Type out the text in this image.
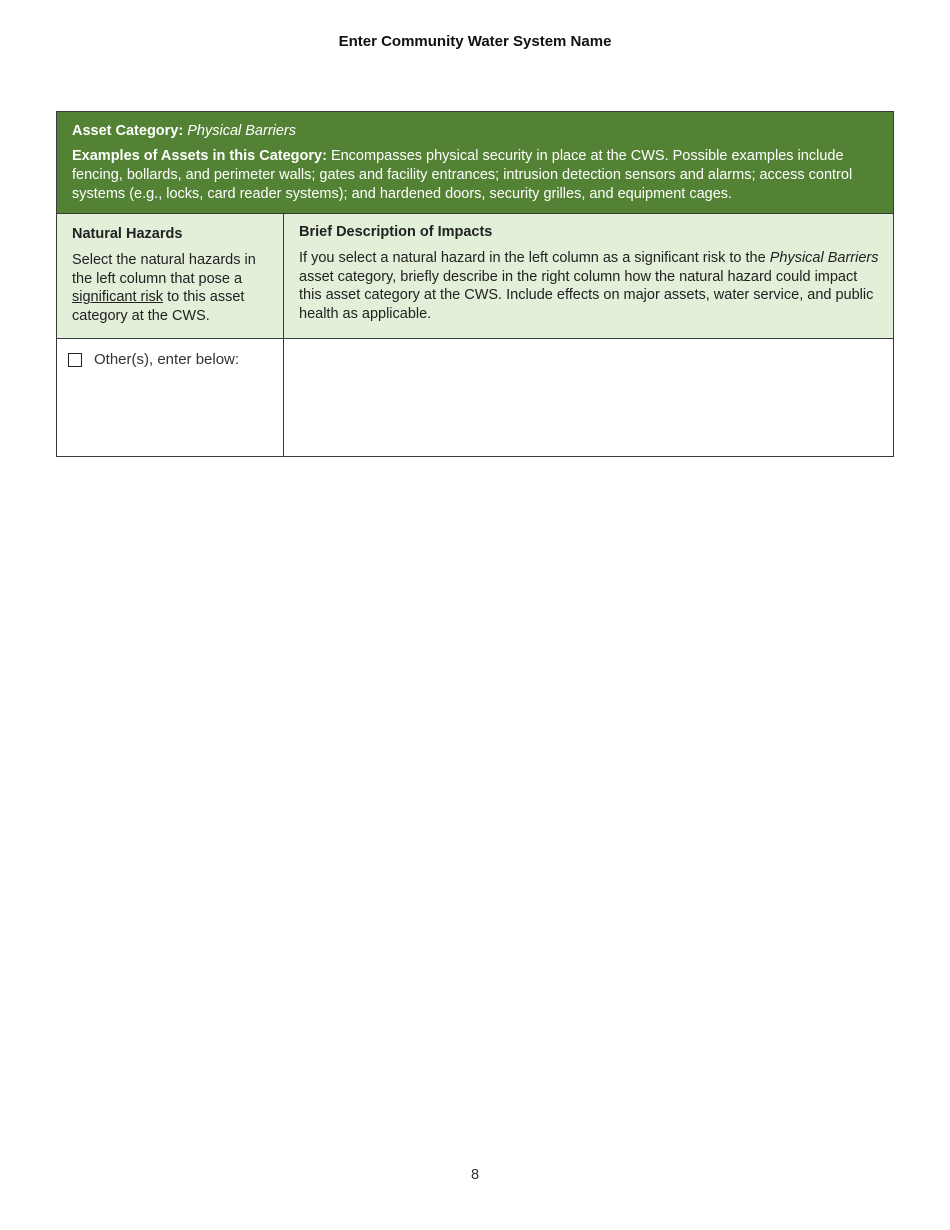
Enter Community Water System Name
Asset Category: Physical Barriers
Examples of Assets in this Category: Encompasses physical security in place at the CWS. Possible examples include fencing, bollards, and perimeter walls; gates and facility entrances; intrusion detection sensors and alarms; access control systems (e.g., locks, card reader systems); and hardened doors, security grilles, and equipment cages.
Natural Hazards
Select the natural hazards in the left column that pose a significant risk to this asset category at the CWS.
Brief Description of Impacts
If you select a natural hazard in the left column as a significant risk to the Physical Barriers asset category, briefly describe in the right column how the natural hazard could impact this asset category at the CWS. Include effects on major assets, water service, and public health as applicable.
Other(s), enter below:
8
